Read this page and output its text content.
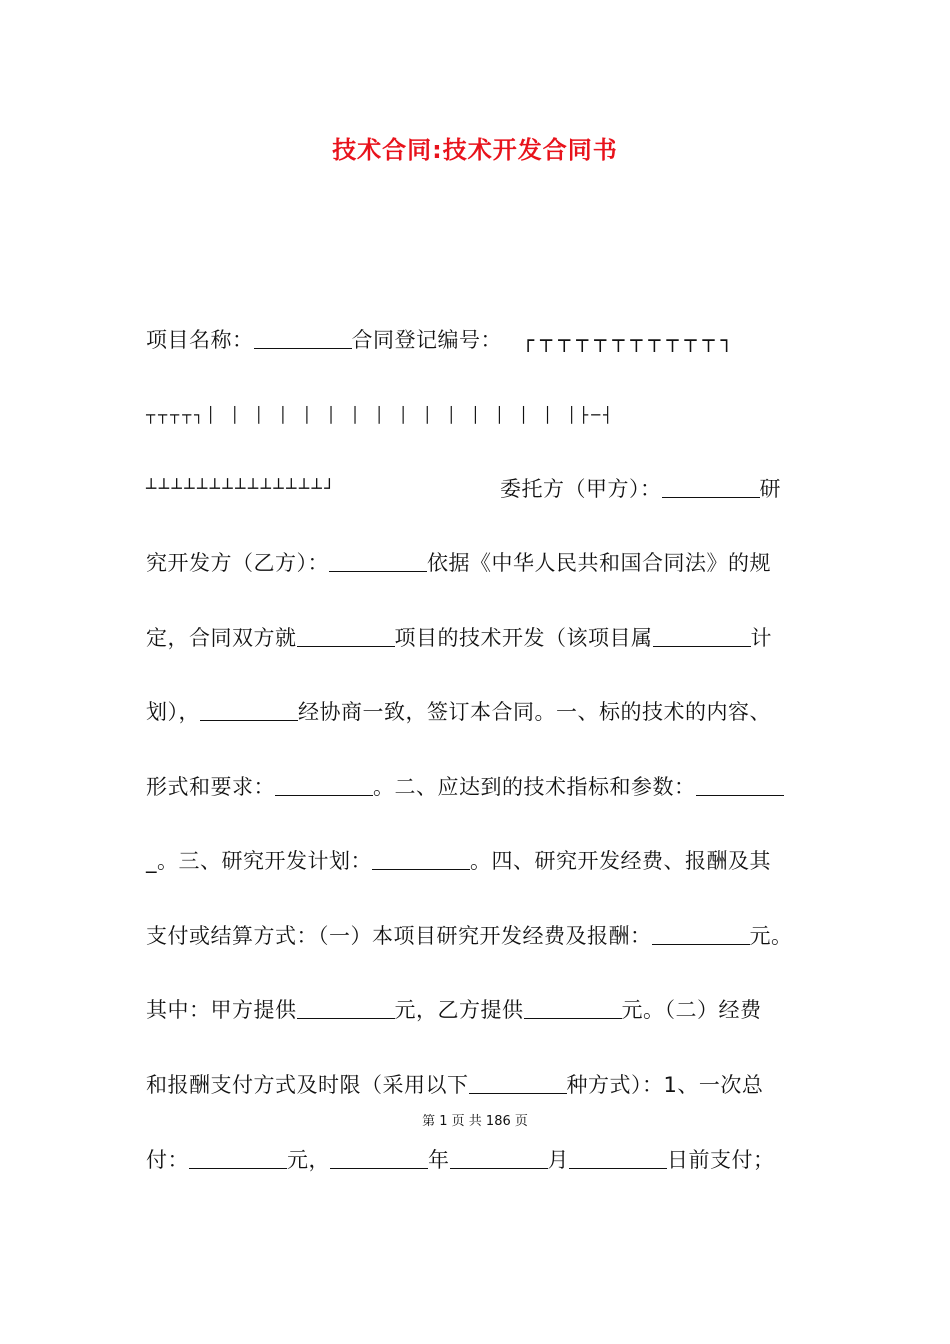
技术合同:技术开发合同书
项目名称：	合同登记编号：	┌┬┬┬┬┬┬┬┬┬┬┐
┬┬┬┬┐│ │ │ │ │ │ │ │ │ │ │ │ │ │ │ │├─┤
┴┴┴┴┴┴┴┴┴┴┴┴┴┴┘	委托方（甲方）：	研
究开发方（乙方）：	依据《中华人民共和国合同法》的规
定，合同双方就	项目的技术开发（该项目属	计
划），	经协商一致，签订本合同。一、标的技术的内容、
形式和要求：	。二、应达到的技术指标和参数：
_。三、研究开发计划：	。四、研究开发经费、报酬及其
支付或结算方式：（一）本项目研究开发经费及报酬：	元。
其中：甲方提供	元，乙方提供	元。（二）经费
和报酬支付方式及时限（采用以下	种方式）：1、一次总
第 1 页 共 186 页
付：	元，	年	月	日前支付；
